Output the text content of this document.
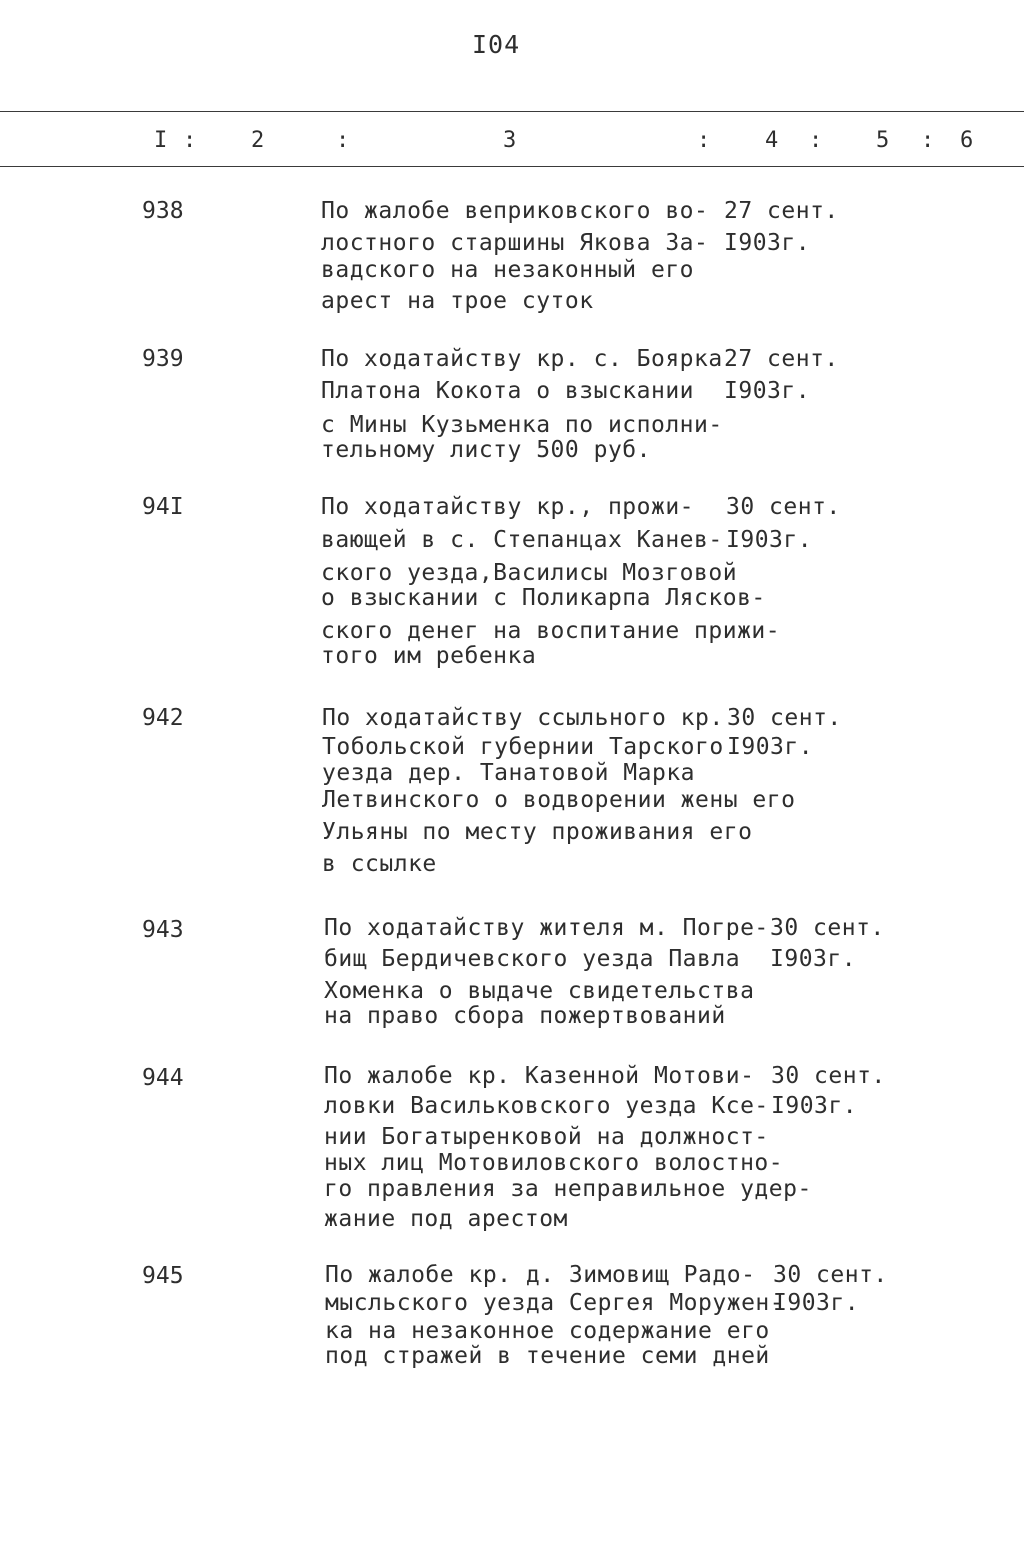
I04
I : 2	:	3	: 4 : 5 : 6
938	По жалобе веприковского во-
лостного старшины Якова За-
вадского на незаконный его
арест на трое суток
27 сент.
I903г.
939	По ходатайству кр. с. Боярка
Платона Кокота о взыскании
с Мины Кузьменка по исполни-
тельному листу 500 руб.
27 сент.
I903г.
94I	По ходатайству кр., прожи-
вающей в с. Степанцах Канев-
ского уезда,Василисы Мозговой
о взыскании с Поликарпа Лясков-
ского денег на воспитание прижи-
того им ребенка
30 сент.
I903г.
942	По ходатайству ссыльного кр.
Тобольской губернии Тарского
уезда дер. Танатовой Марка
Летвинского о водворении жены его
Ульяны по месту проживания его
в ссылке
30 сент.
I903г.
943	По ходатайству жителя м. Погре-
бищ Бердичевского уезда Павла
Хоменка о выдаче свидетельства
на право сбора пожертвований
30 сент.
I903г.
944	По жалобе кр. Казенной Мотови-
ловки Васильковского уезда Ксе-
нии Богатыренковой на должност-
ных лиц Мотовиловского волостно-
го правления за неправильное удер-
жание под арестом
30 сент.
I903г.
945	По жалобе кр. д. Зимовищ Радо-
мысльского уезда Сергея Моружен-
ка на незаконное содержание его
под стражей в течение семи дней
30 сент.
I903г.
